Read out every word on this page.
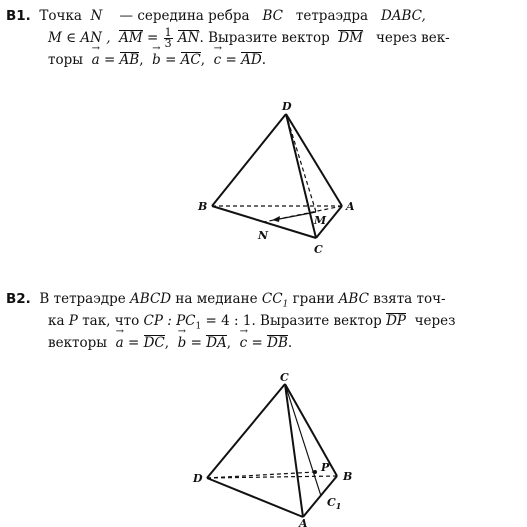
В1. Точка N — середина ребра BC тетраэдра DABC,
M ∈ AN , AM = $\frac{1}{3}$ AN. Выразите вектор DM через век-
торы → a = AB, → b = AC, → c = AD.
D
B	A
C
N
M
В2. В тетраэдре ABCD на медиане $CC_1$ грани ABC взята точ-
ка P так, что CP : $PC_1 = 4$ : 1. Выразите вектор DP через
векторы → a = DC, → b = DA, → c = DB.
C
D
P
B
$C_1$
A
